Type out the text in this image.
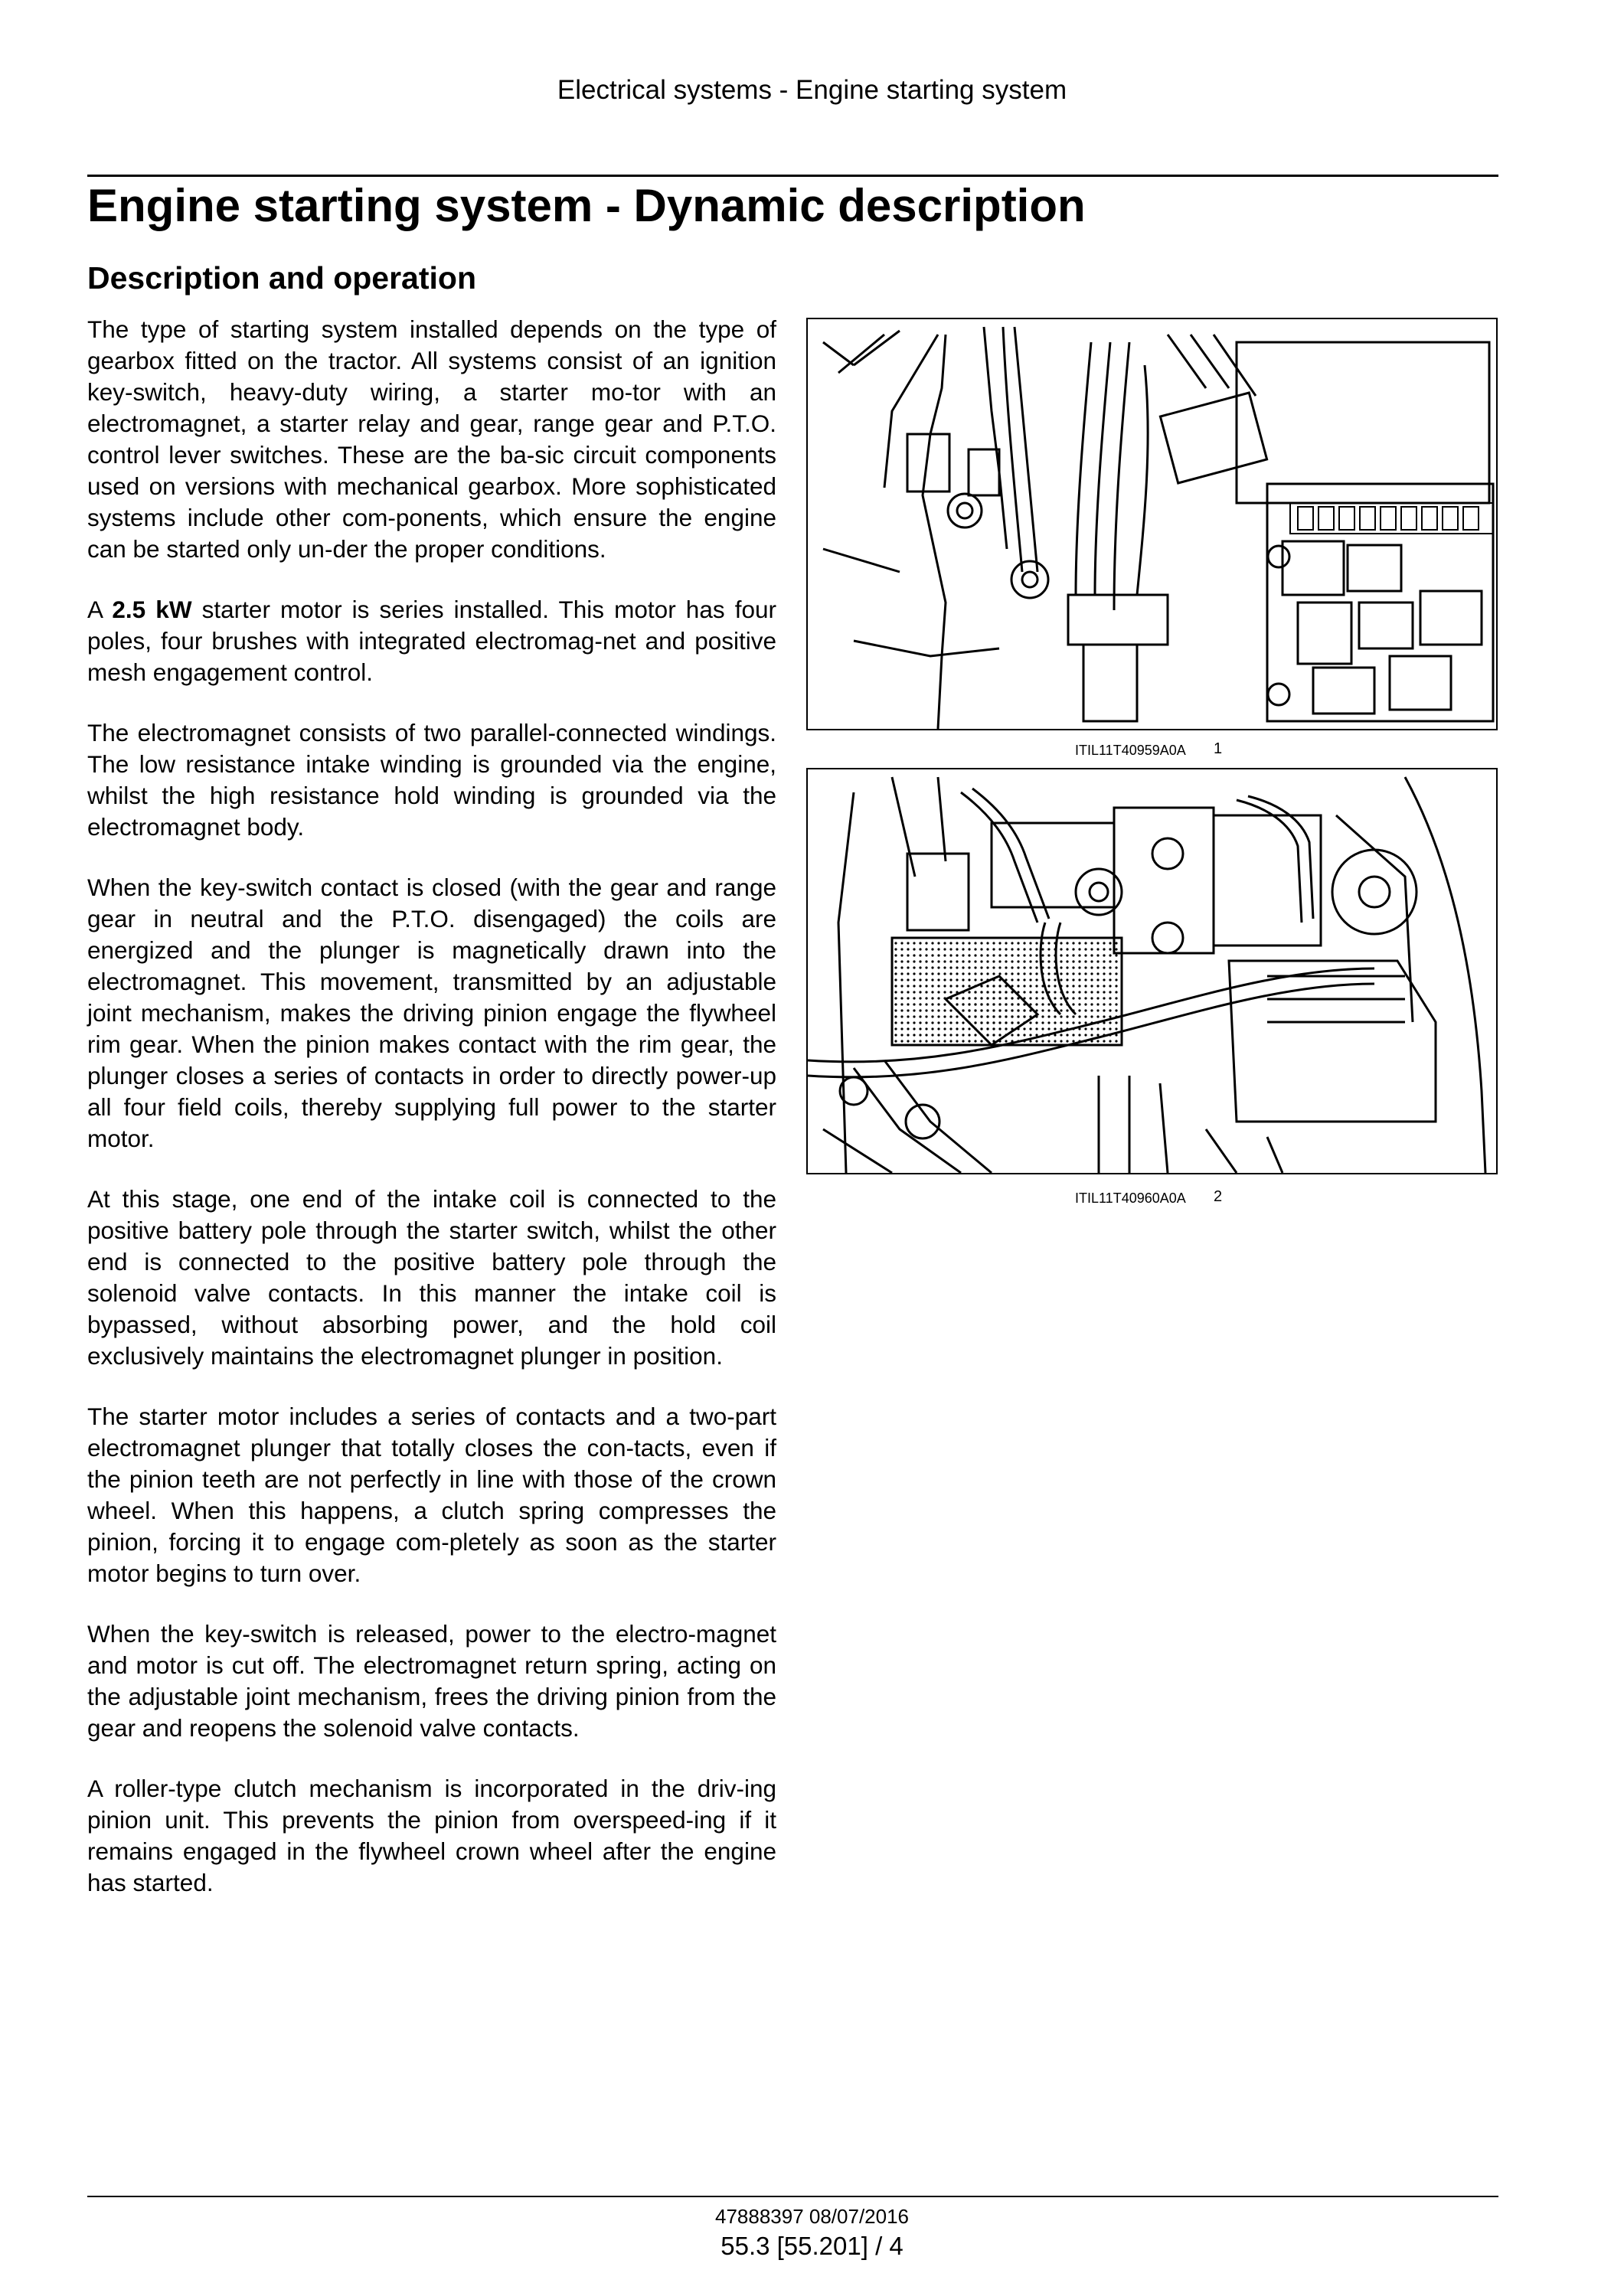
Electrical systems - Engine starting system
Engine starting system - Dynamic description
Description and operation

The type of starting system installed depends on the type of gearbox fitted on the tractor. All systems consist of an ignition key-switch, heavy-duty wiring, a starter mo-tor with an electromagnet, a starter relay and gear, range gear and P.T.O. control lever switches. These are the ba-sic circuit components used on versions with mechanical gearbox. More sophisticated systems include other com-ponents, which ensure the engine can be started only un-der the proper conditions.

A 2.5 kW starter motor is series installed. This motor has four poles, four brushes with integrated electromag-net and positive mesh engagement control.

The electromagnet consists of two parallel-connected windings. The low resistance intake winding is grounded via the engine, whilst the high resistance hold winding is grounded via the electromagnet body.

When the key-switch contact is closed (with the gear and range gear in neutral and the P.T.O. disengaged) the coils are energized and the plunger is magnetically drawn into the electromagnet. This movement, transmitted by an adjustable joint mechanism, makes the driving pinion engage the flywheel rim gear. When the pinion makes contact with the rim gear, the plunger closes a series of contacts in order to directly power-up all four field coils, thereby supplying full power to the starter motor.

At this stage, one end of the intake coil is connected to the positive battery pole through the starter switch, whilst the other end is connected to the positive battery pole through the solenoid valve contacts. In this manner the intake coil is bypassed, without absorbing power, and the hold coil exclusively maintains the electromagnet plunger in position.

The starter motor includes a series of contacts and a two-part electromagnet plunger that totally closes the con-tacts, even if the pinion teeth are not perfectly in line with those of the crown wheel. When this happens, a clutch spring compresses the pinion, forcing it to engage com-pletely as soon as the starter motor begins to turn over.

When the key-switch is released, power to the electro-magnet and motor is cut off. The electromagnet return spring, acting on the adjustable joint mechanism, frees the driving pinion from the gear and reopens the solenoid valve contacts.

A roller-type clutch mechanism is incorporated in the driv-ing pinion unit. This prevents the pinion from overspeed-ing if it remains engaged in the flywheel crown wheel after the engine has started.

ITIL11T40959A0A 1
ITIL11T40960A0A 2
47888397 08/07/2016
55.3 [55.201] / 4
